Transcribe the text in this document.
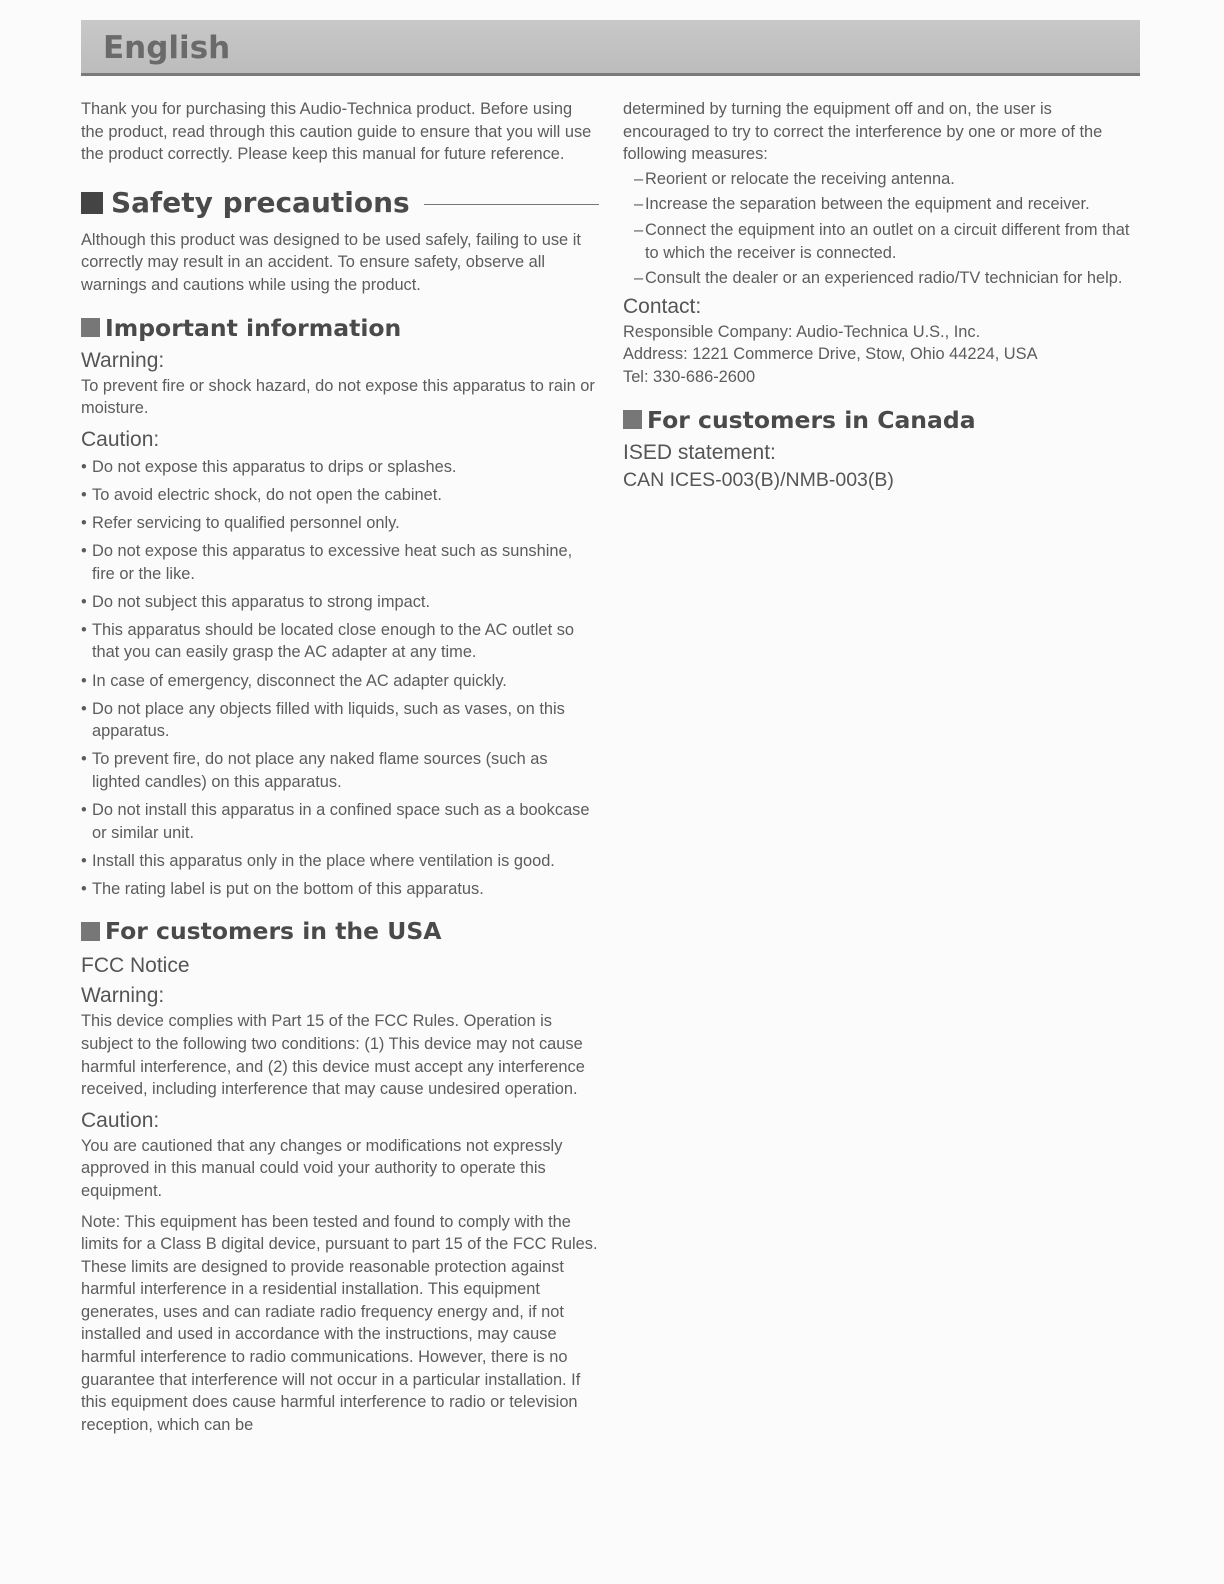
English

Thank you for purchasing this Audio-Technica product. Before using the product, read through this caution guide to ensure that you will use the product correctly. Please keep this manual for future reference.

Safety precautions

Although this product was designed to be used safely, failing to use it correctly may result in an accident. To ensure safety, observe all warnings and cautions while using the product.

Important information
Warning:

To prevent fire or shock hazard, do not expose this apparatus to rain or moisture.

Caution:
• Do not expose this apparatus to drips or splashes.
• To avoid electric shock, do not open the cabinet.
• Refer servicing to qualified personnel only.
• Do not expose this apparatus to excessive heat such as sunshine, fire or the like.
• Do not subject this apparatus to strong impact.
• This apparatus should be located close enough to the AC outlet so that you can easily grasp the AC adapter at any time.
• In case of emergency, disconnect the AC adapter quickly.
• Do not place any objects filled with liquids, such as vases, on this apparatus.
• To prevent fire, do not place any naked flame sources (such as lighted candles) on this apparatus.
• Do not install this apparatus in a confined space such as a bookcase or similar unit.
• Install this apparatus only in the place where ventilation is good.
• The rating label is put on the bottom of this apparatus.
For customers in the USA
FCC Notice
Warning:

This device complies with Part 15 of the FCC Rules. Operation is subject to the following two conditions: (1) This device may not cause harmful interference, and (2) this device must accept any interference received, including interference that may cause undesired operation.

Caution:

You are cautioned that any changes or modifications not expressly approved in this manual could void your authority to operate this equipment.

Note: This equipment has been tested and found to comply with the limits for a Class B digital device, pursuant to part 15 of the FCC Rules. These limits are designed to provide reasonable protection against harmful interference in a residential installation. This equipment generates, uses and can radiate radio frequency energy and, if not installed and used in accordance with the instructions, may cause harmful interference to radio communications. However, there is no guarantee that interference will not occur in a particular installation. If this equipment does cause harmful interference to radio or television reception, which can be

determined by turning the equipment off and on, the user is encouraged to try to correct the interference by one or more of the following measures:

– Reorient or relocate the receiving antenna.
– Increase the separation between the equipment and receiver.
– Connect the equipment into an outlet on a circuit different from that to which the receiver is connected.
– Consult the dealer or an experienced radio/TV technician for help.
Contact:

Responsible Company: Audio-Technica U.S., Inc.

Address: 1221 Commerce Drive, Stow, Ohio 44224, USA

Tel: 330-686-2600

For customers in Canada
ISED statement:
CAN ICES-003(B)/NMB-003(B)
